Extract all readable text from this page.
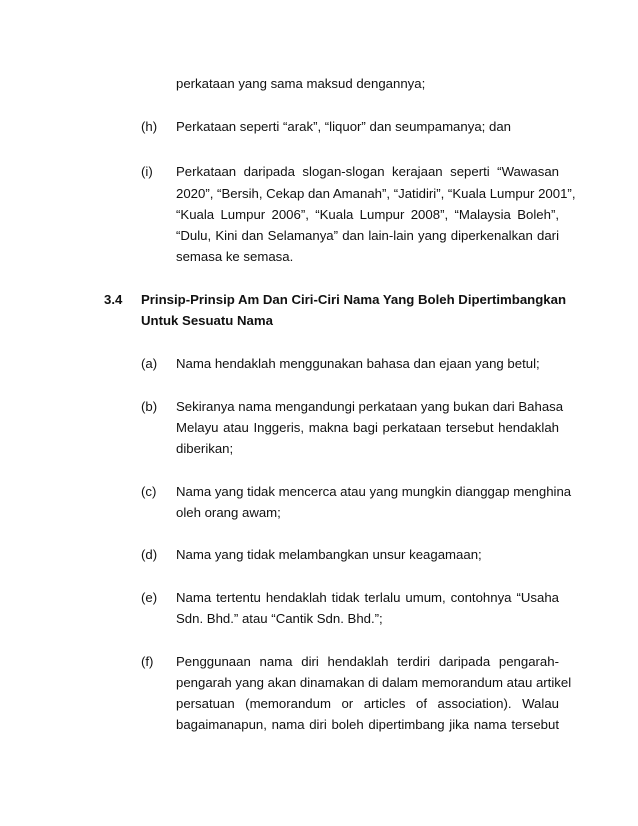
perkataan yang sama maksud dengannya;
(h) Perkataan seperti “arak”, “liquor” dan seumpamanya; dan
(i) Perkataan daripada slogan-slogan kerajaan seperti “Wawasan
2020”, “Bersih, Cekap dan Amanah”, “Jatidiri”, “Kuala Lumpur 2001”,
“Kuala Lumpur 2006”, “Kuala Lumpur 2008”, “Malaysia Boleh”,
“Dulu, Kini dan Selamanya” dan lain-lain yang diperkenalkan dari
semasa ke semasa.
3.4 Prinsip-Prinsip Am Dan Ciri-Ciri Nama Yang Boleh Dipertimbangkan
Untuk Sesuatu Nama
(a) Nama hendaklah menggunakan bahasa dan ejaan yang betul;
(b) Sekiranya nama mengandungi perkataan yang bukan dari Bahasa
Melayu atau Inggeris, makna bagi perkataan tersebut hendaklah
diberikan;
(c) Nama yang tidak mencerca atau yang mungkin dianggap menghina
oleh orang awam;
(d) Nama yang tidak melambangkan unsur keagamaan;
(e) Nama tertentu hendaklah tidak terlalu umum, contohnya “Usaha
Sdn. Bhd.” atau “Cantik Sdn. Bhd.”;
(f) Penggunaan nama diri hendaklah terdiri daripada pengarah-
pengarah yang akan dinamakan di dalam memorandum atau artikel
persatuan (memorandum or articles of association). Walau
bagaimanapun, nama diri boleh dipertimbang jika nama tersebut
